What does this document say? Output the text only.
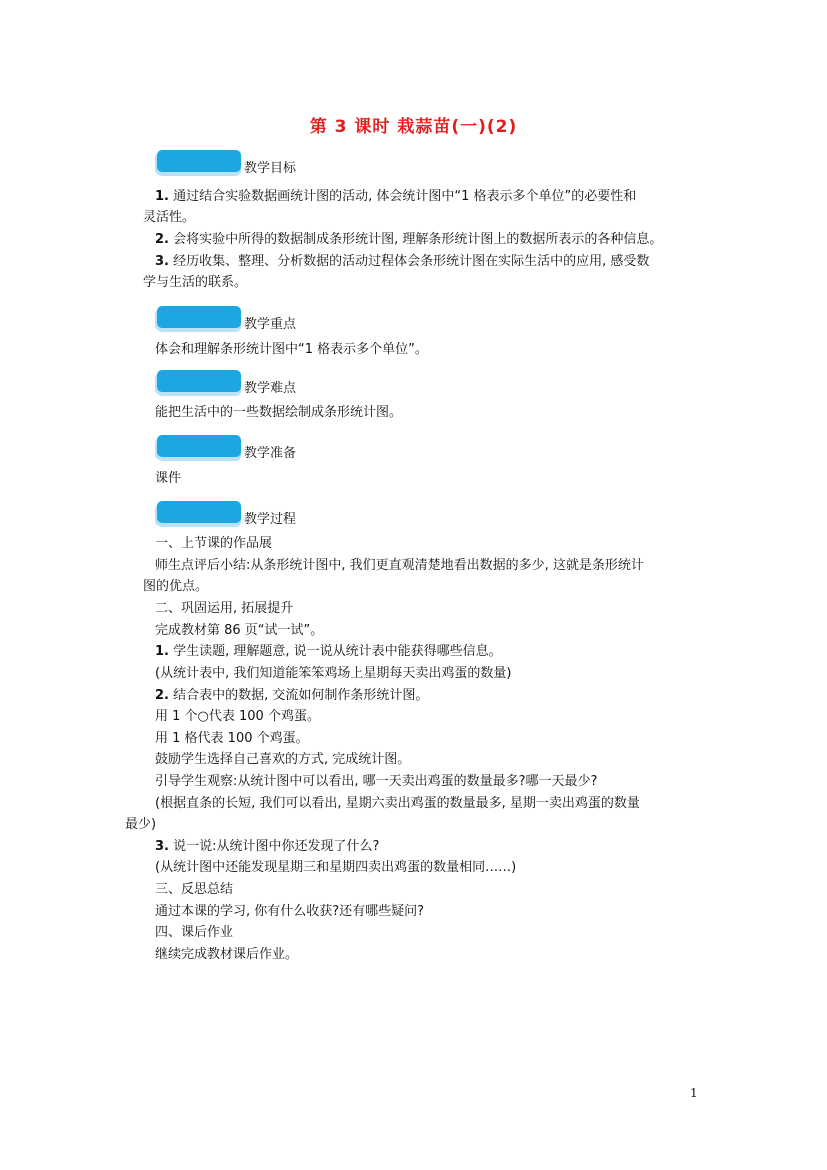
第 3 课时 栽蒜苗(一)(2)
教学目标
1. 通过结合实验数据画统计图的活动, 体会统计图中“1 格表示多个单位”的必要性和
灵活性。
2. 会将实验中所得的数据制成条形统计图, 理解条形统计图上的数据所表示的各种信息。
3. 经历收集、整理、分析数据的活动过程体会条形统计图在实际生活中的应用, 感受数
学与生活的联系。
教学重点
体会和理解条形统计图中“1 格表示多个单位”。
教学难点
能把生活中的一些数据绘制成条形统计图。
教学准备
课件
教学过程
一、上节课的作品展
师生点评后小结:从条形统计图中, 我们更直观清楚地看出数据的多少, 这就是条形统计
图的优点。
二、巩固运用, 拓展提升
完成教材第 86 页“试一试”。
1. 学生读题, 理解题意, 说一说从统计表中能获得哪些信息。
(从统计表中, 我们知道能笨笨鸡场上星期每天卖出鸡蛋的数量)
2. 结合表中的数据, 交流如何制作条形统计图。
用 1 个○代表 100 个鸡蛋。
用 1 格代表 100 个鸡蛋。
鼓励学生选择自己喜欢的方式, 完成统计图。
引导学生观察:从统计图中可以看出, 哪一天卖出鸡蛋的数量最多?哪一天最少?
(根据直条的长短, 我们可以看出, 星期六卖出鸡蛋的数量最多, 星期一卖出鸡蛋的数量
最少)
3. 说一说:从统计图中你还发现了什么?
(从统计图中还能发现星期三和星期四卖出鸡蛋的数量相同……)
三、反思总结
通过本课的学习, 你有什么收获?还有哪些疑问?
四、课后作业
继续完成教材课后作业。
1
